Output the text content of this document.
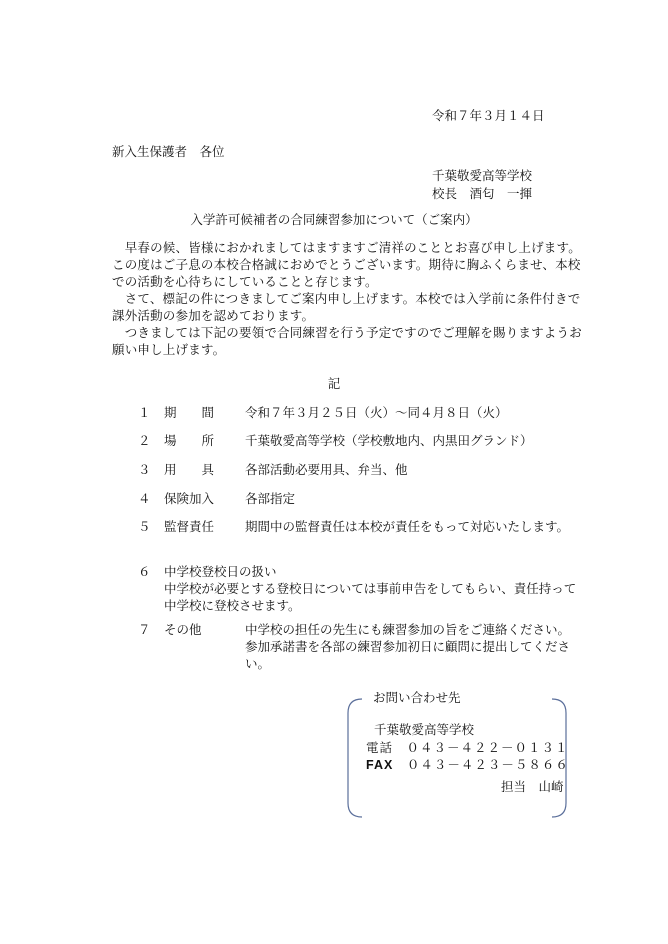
令和７年３月１４日
新入生保護者　各位
千葉敬愛高等学校
校長　酒匂　一揮
入学許可候補者の合同練習参加について（ご案内）

　早春の候、皆様におかれましてはますますご清祥のこととお喜び申し上げます。

この度はご子息の本校合格誠におめでとうございます。期待に胸ふくらませ、本校での活動を心待ちにしていることと存じます。

　さて、標記の件につきましてご案内申し上げます。本校では入学前に条件付きで課外活動の参加を認めております。

　つきましては下記の要領で合同練習を行う予定ですのでご理解を賜りますようお願い申し上げます。

記
１ 期　　間	令和７年３月２５日（火）～同４月８日（火）
２ 場　　所	千葉敬愛高等学校（学校敷地内、内黒田グランド）
３ 用　　具	各部活動必要用具、弁当、他
４ 保険加入	各部指定
５ 監督責任	期間中の監督責任は本校が責任をもって対応いたします。
６ 中学校登校日の扱い
中学校が必要とする登校日については事前申告をしてもらい、責任持って中学校に登校させます。
７ その他	中学校の担任の先生にも練習参加の旨をご連絡ください。参加承諾書を各部の練習参加初日に顧問に提出してください。
お問い合わせ先
千葉敬愛高等学校
電話　 ０４３－４２２－０１３１
FAX　 ０４３－４２３－５８６６
担当　山崎
